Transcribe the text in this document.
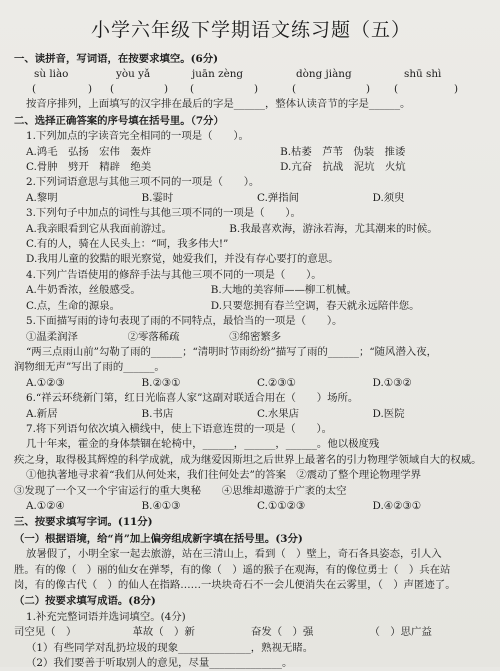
小学六年级下学期语文练习题（五）
一、读拼音，写词语，在按要求填空。(6分)
sù liào	yòu yǎ	juān zèng	dòng jiàng	shū shì
(	) (	) (	)	(	) (	)
按音序排列，上面填写的汉字排在最后的字是______，整体认读音节的字是______。
二、选择正确答案的序号填在括号里。（7分）
1.下列加点的字读音完全相同的一项是（　　）。
A.鸿毛　弘扬　宏伟　轰炸	B.枯萎　芦苇　伪装　推诿
C.骨肿　劈开　精辟　绝美	D.亢奋　抗战　泥坑　火炕
2.下列词语意思与其他三项不同的一项是（　　）。
A.黎明	B.霎时	C.弹指间	D.须臾
3.下列句子中加点的词性与其他三项不同的一项是（　　）。
A.我亲眼看到它从我面前游过。	B.我最喜欢海，游泳若海，尤其潮来的时候。
C.有的人，骑在人民头上：“呵，我多伟大!”
D.我用儿童的狡黠的眼光察觉，她爱我们，并没有存心要打的意思。
4.下列广告语使用的修辞手法与其他三项不同的一项是（　　）。
A.牛奶香浓，丝般感受。	B.大地的美容师——柳工机械。
C.点，生命的源泉。	D.只要您拥有春兰空调，春天就永远陪伴您。
5.下面描写雨的诗句表现了雨的不同特点，最恰当的一项是（　　）。
①温柔润泽	②零落稀疏	③绵密繁多
“两三点雨山前”勾勒了雨的______；“清明时节雨纷纷”描写了雨的______；“随风潜入夜，
润物细无声”写出了雨的______。
A.①②③	B.②③①	C.②③①	D.①③②
6.“祥云环绕新门第，红日光临喜人家”这副对联适合用在（　　）场所。
A.新居	B.书店	C.水果店	D.医院
7.将下列语句依次填入横线中，使上下语意连贯的一项是（　　）。
几十年来，霍金的身体禁锢在轮椅中，______，______，______。他以极度残
疾之身，取得极其辉煌的科学成就，成为继爱因斯坦之后世界上最著名的引力物理学领域自大的权威。
①他执著地寻求着“我们从何处来，我们往何处去”的答案　②震动了整个理论物理学界
③发现了一个又一个宇宙运行的重大奥秘　　④思维却遨游于广袤的太空
A.①②④	B.④①③	C.①①②③	D.④②③①
三、按要求填写字词。(11分)
（一）根据语境，给“肖”加上偏旁组成新字填在括号里。(3分)
放暑假了，小明全家一起去旅游，站在三清山上，看到（　）壁上，奇石各具姿态，引人入
胜。有的像（　）丽的仙女在弹琴，有的像（　）遥的猴子在观海，有的像位勇士（　）兵在站
岗，有的像古代（　）的仙人在指路……一块块奇石不一会儿便消失在云雾里，（　）声匿迹了。
（二）按要求填写成语。(8分)
1.补充完整词语并选词填空。(4分)
司空见（　）	革故（　）新	奋发（　）强	（　）思广益
（1）有些同学对乱扔垃圾的现象______________，熟视无睹。
（2）我们要善于听取别人的意见，尽量______________。
